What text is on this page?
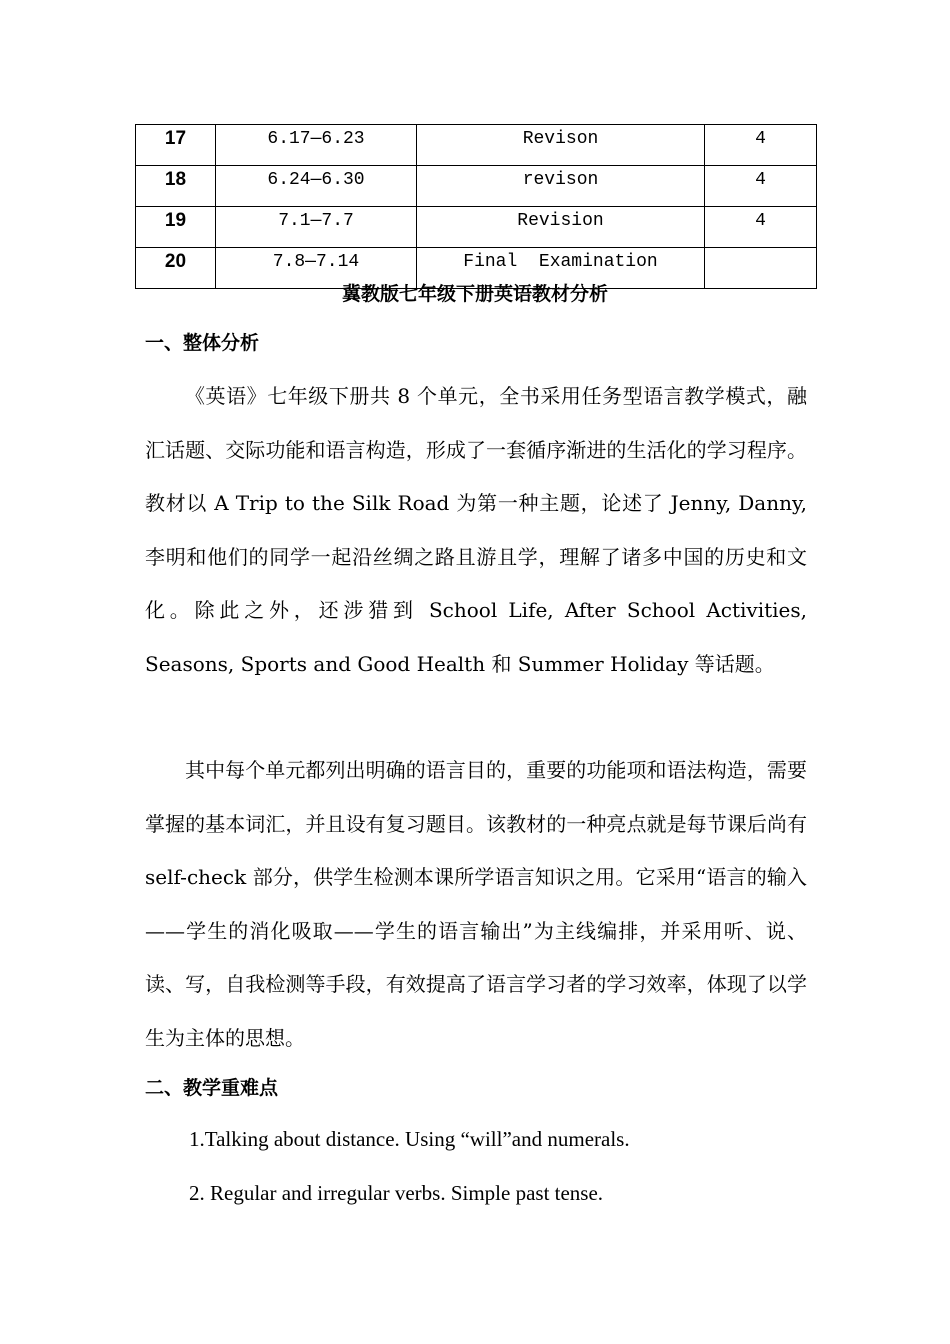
17	6.17—6.23	Revison	4
18	6.24—6.30	revison	4
19	7.1—7.7	Revision	4
20	7.8—7.14	Final  Examination	
冀教版七年级下册英语教材分析
一、整体分析

《英语》七年级下册共 8 个单元，全书采用任务型语言教学模式，融汇话题、交际功能和语言构造，形成了一套循序渐进的生活化的学习程序。教材以 A Trip to the Silk Road 为第一种主题，论述了 Jenny, Danny, 李明和他们的同学一起沿丝绸之路且游且学，理解了诸多中国的历史和文化。除此之外，还涉猎到 School Life, After School Activities, Seasons, Sports and Good Health 和 Summer Holiday 等话题。

其中每个单元都列出明确的语言目的，重要的功能项和语法构造，需要掌握的基本词汇，并且设有复习题目。该教材的一种亮点就是每节课后尚有 self-check 部分，供学生检测本课所学语言知识之用。它采用“语言的输入——学生的消化吸取——学生的语言输出”为主线编排，并采用听、说、读、写，自我检测等手段，有效提高了语言学习者的学习效率，体现了以学生为主体的思想。

二、教学重难点

1.Talking about distance. Using “will”and numerals.

2. Regular and irregular verbs. Simple past tense.
